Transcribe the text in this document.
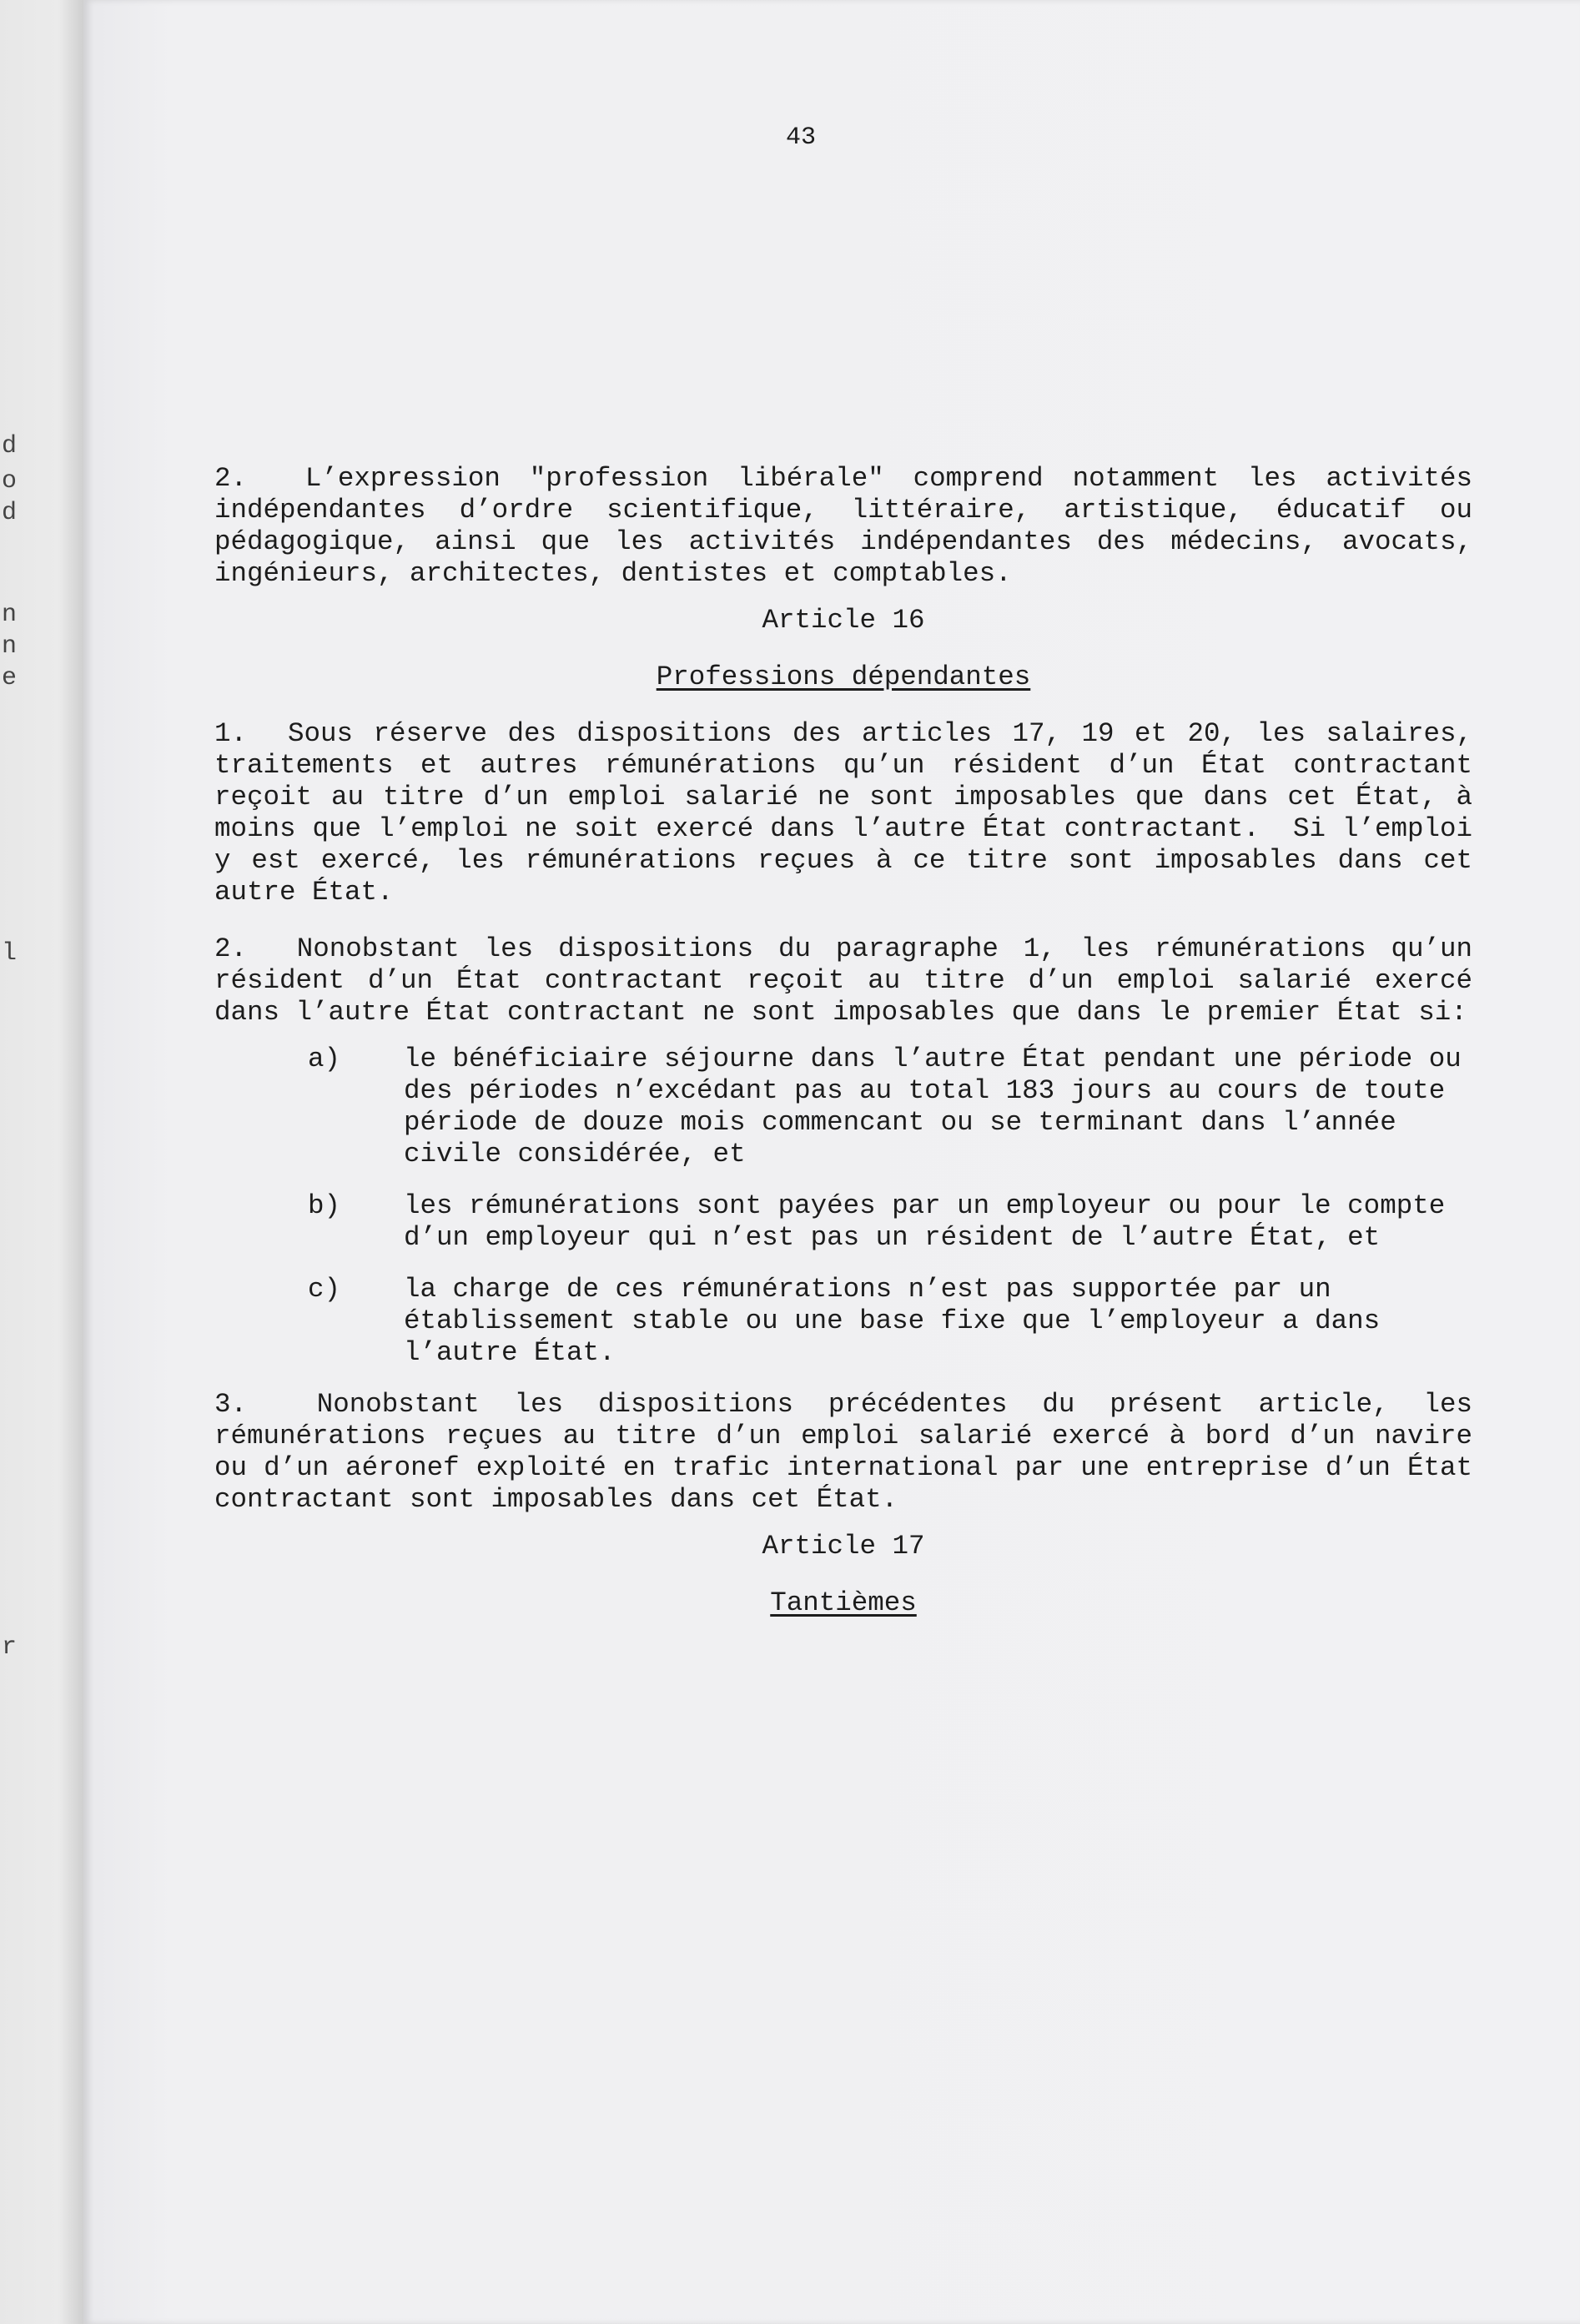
d
o
d
n
n
e
l
r
43

2.  L’expression "profession libérale" comprend notamment les activités indépendantes d’ordre scientifique, littéraire, artistique, éducatif ou pédagogique, ainsi que les activités indépendantes des médecins, avocats, ingénieurs, architectes, dentistes et comptables.

Article 16

Professions dépendantes

1.  Sous réserve des dispositions des articles 17, 19 et 20, les salaires, traitements et autres rémunérations qu’un résident d’un État contractant reçoit au titre d’un emploi salarié ne sont imposables que dans cet État, à moins que l’emploi ne soit exercé dans l’autre État contractant.  Si l’emploi y est exercé, les rémunérations reçues à ce titre sont imposables dans cet autre État.

2.  Nonobstant les dispositions du paragraphe 1, les rémunérations qu’un résident d’un État contractant reçoit au titre d’un emploi salarié exercé dans l’autre État contractant ne sont imposables que dans le premier État si:

a)	le bénéficiaire séjourne dans l’autre État pendant une période ou des périodes n’excédant pas au total 183 jours au cours de toute période de douze mois commencant ou se terminant dans l’année civile considérée, et
b)	les rémunérations sont payées par un employeur ou pour le compte d’un employeur qui n’est pas un résident de l’autre État, et
c)	la charge de ces rémunérations n’est pas supportée par un établissement stable ou une base fixe que l’employeur a dans l’autre État.

3.  Nonobstant les dispositions précédentes du présent article, les rémunérations reçues au titre d’un emploi salarié exercé à bord d’un navire ou d’un aéronef exploité en trafic international par une entreprise d’un État contractant sont imposables dans cet État.

Article 17

Tantièmes
